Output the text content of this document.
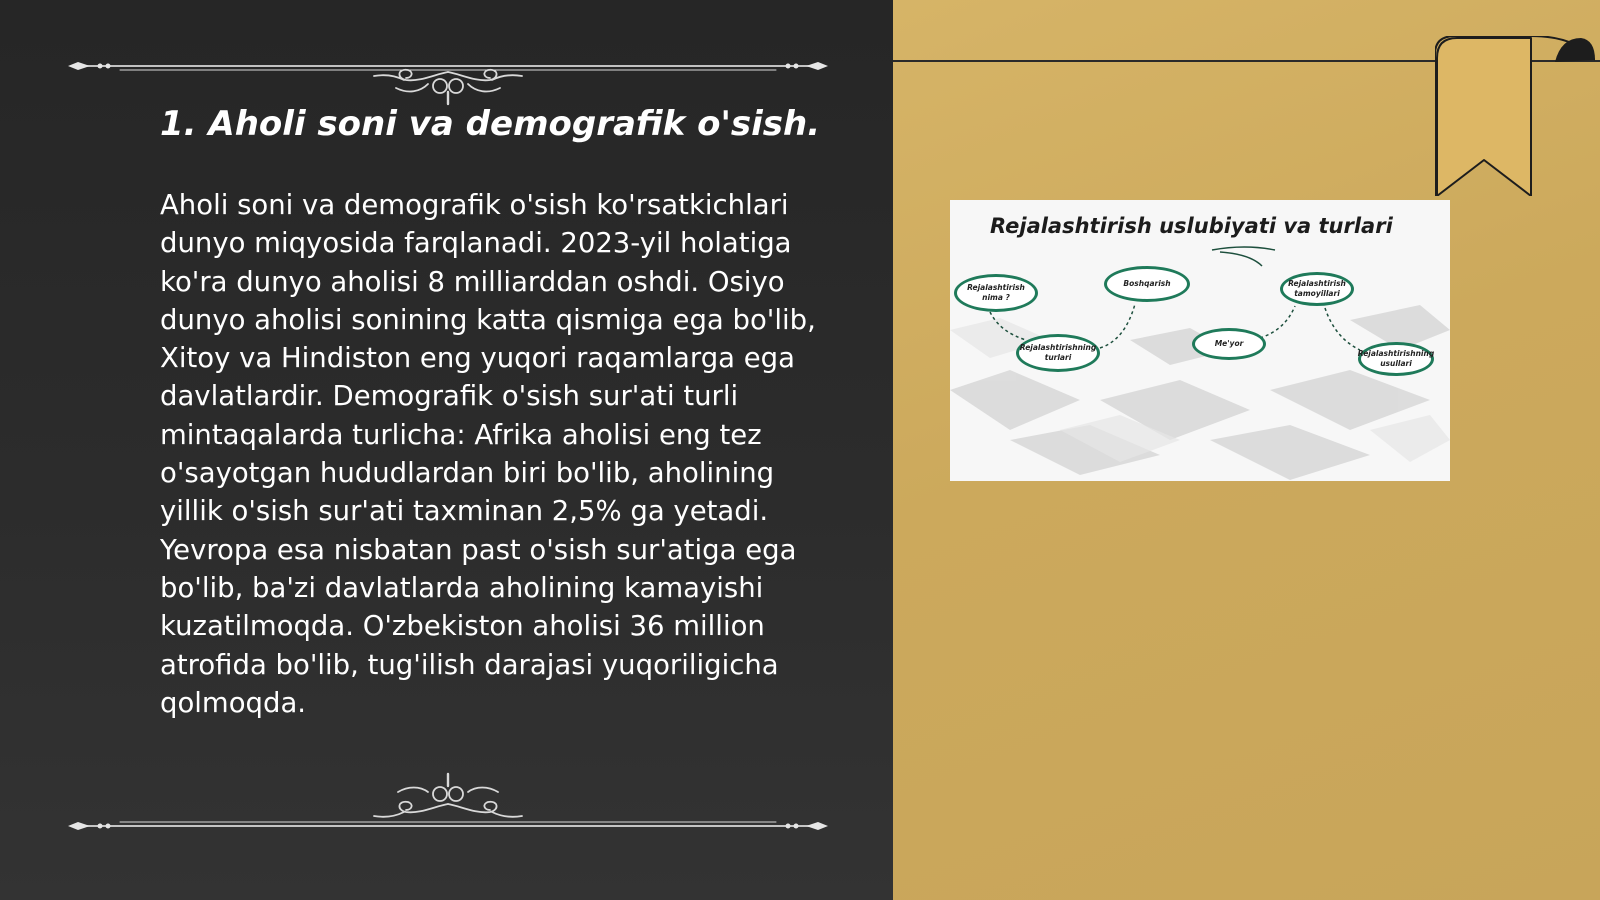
1. Aholi soni va demografik o'sish.

Aholi soni va demografik o'sish ko'rsatkichlari dunyo miqyosida farqlanadi. 2023-yil holatiga ko'ra dunyo aholisi 8 milliarddan oshdi. Osiyo dunyo aholisi sonining katta qismiga ega bo'lib, Xitoy va Hindiston eng yuqori raqamlarga ega davlatlardir. Demografik o'sish sur'ati turli mintaqalarda turlicha: Afrika aholisi eng tez o'sayotgan hududlardan biri bo'lib, aholining yillik o'sish sur'ati taxminan 2,5% ga yetadi. Yevropa esa nisbatan past o'sish sur'atiga ega bo'lib, ba'zi davlatlarda aholining kamayishi kuzatilmoqda. O'zbekiston aholisi 36 million atrofida bo'lib, tug'ilish darajasi yuqoriligicha qolmoqda.

Rejalashtirish uslubiyati va turlari

Rejalashtirish nima ?
Boshqarish	Rejalashtirish tamoyillari
Rejalashtirishning turlari
Me'yor
Rejalashtirishning usullari
